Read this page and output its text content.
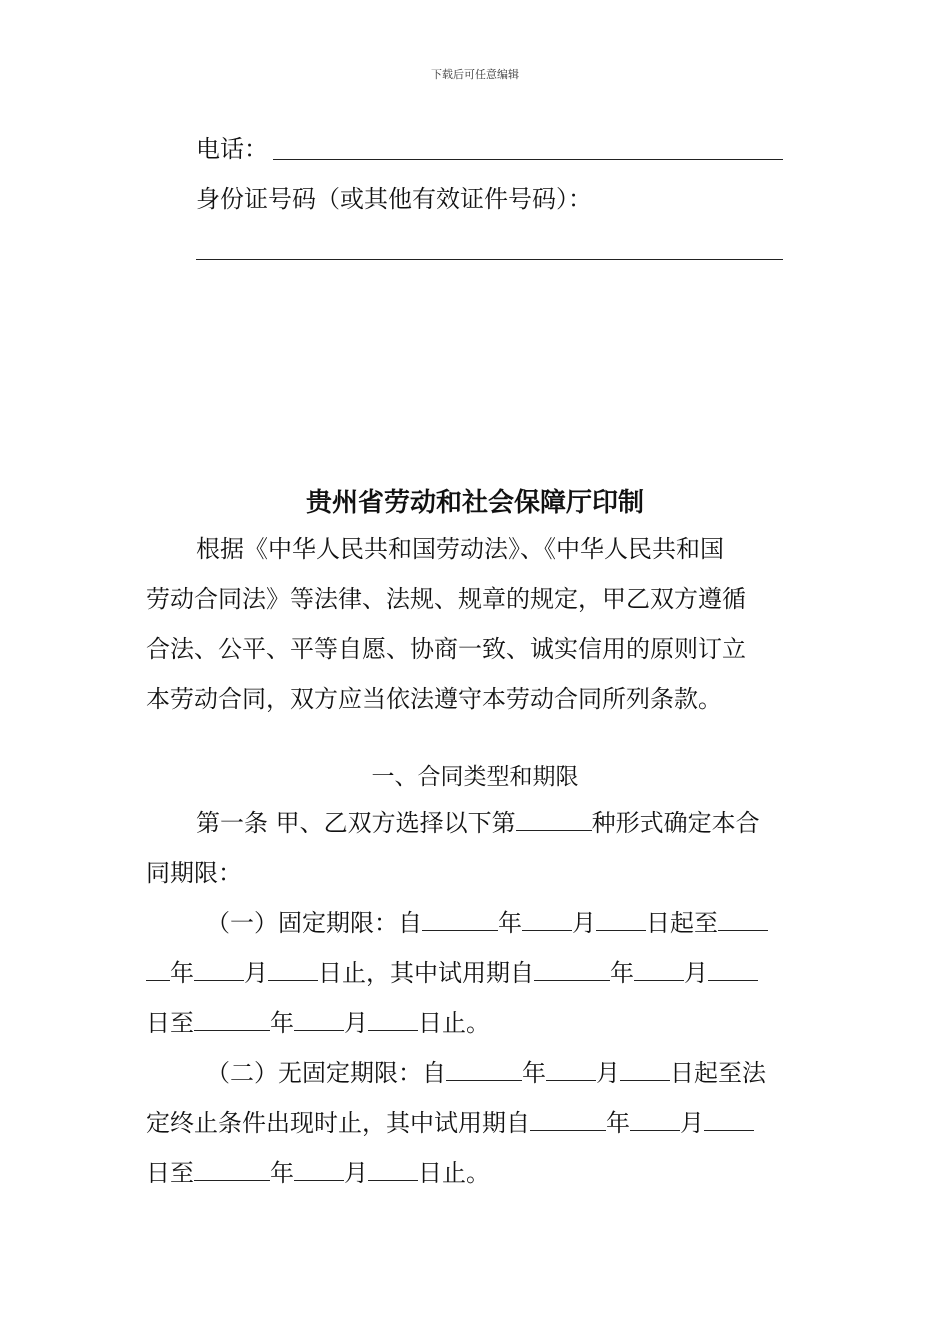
下载后可任意编辑
电话：
身份证号码（或其他有效证件号码）：
贵州省劳动和社会保障厅印制
根据《中华人民共和国劳动法》、《中华人民共和国
劳动合同法》等法律、法规、规章的规定，甲乙双方遵循
合法、公平、平等自愿、协商一致、诚实信用的原则订立
本劳动合同，双方应当依法遵守本劳动合同所列条款。
一、合同类型和期限
第一条 甲、乙双方选择以下第	种形式确定本合
同期限：
（一）固定期限：自	年 月 日起至
年 月 日止，其中试用期自	年 月
日至	年 月 日止。
（二）无固定期限：自	年 月 日起至法
定终止条件出现时止，其中试用期自	年 月
日至	年 月 日止。
